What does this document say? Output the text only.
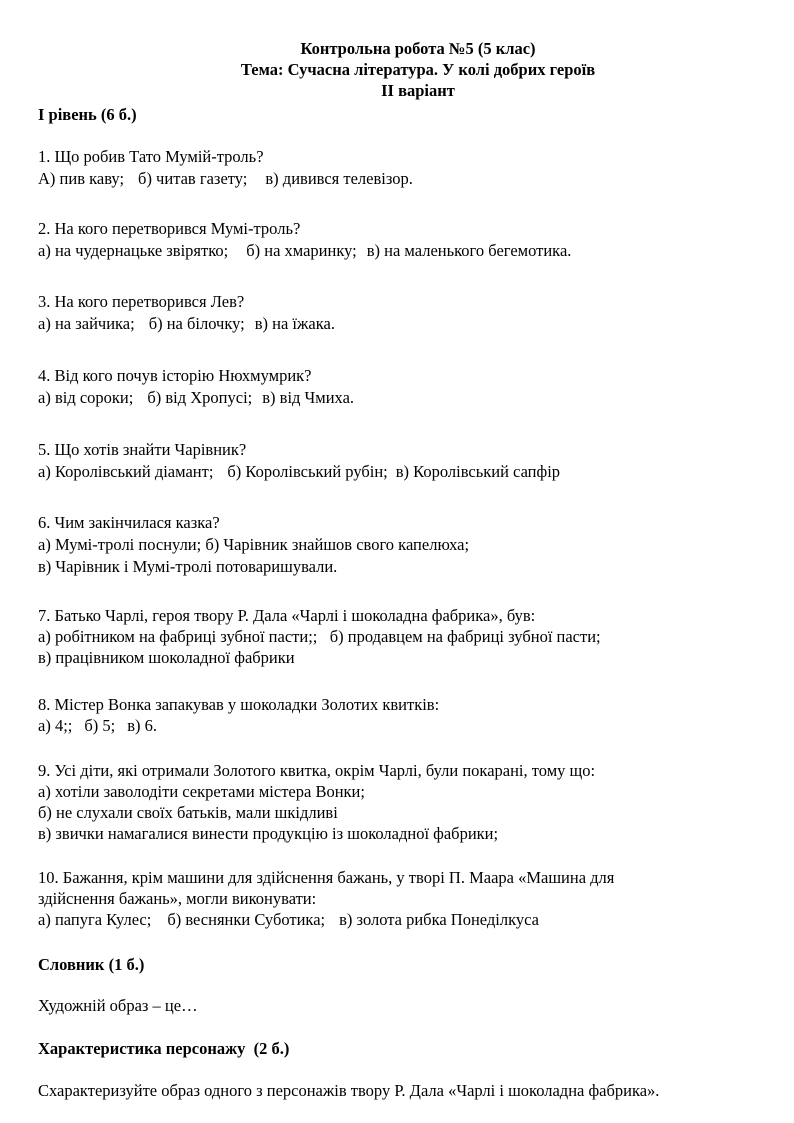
Контрольна робота №5 (5 клас)
Тема: Сучасна література. У колі добрих героїв
ІІ варіант
І рівень (6 б.)
1. Що робив Тато Мумій-троль?
А) пив каву; б) читав газету; в) дивився телевізор.
2. На кого перетворився Мумі-троль?
а) на чудернацьке звірятко; б) на хмаринку; в) на маленького бегемотика.
3. На кого перетворився Лев?
а) на зайчика; б) на білочку; в) на їжака.
4. Від кого почув історію Нюхмумрик?
а) від сороки; б) від Хропусі; в) від Чмиха.
5. Що хотів знайти Чарівник?
а) Королівський діамант; б) Королівський рубін; в) Королівський сапфір
6. Чим закінчилася казка?
а) Мумі-тролі поснули; б) Чарівник знайшов свого капелюха;
в) Чарівник і Мумі-тролі потоваришували.
7. Батько Чарлі, героя твору Р. Дала «Чарлі і шоколадна фабрика», був:
а) робітником на фабриці зубної пасти;;   б) продавцем на фабриці зубної пасти;
в) працівником шоколадної фабрики
8. Містер Вонка запакував у шоколадки Золотих квитків:
а) 4;; б) 5; в) 6.
9. Усі діти, які отримали Золотого квитка, окрім Чарлі, були покарані, тому що:
а) хотіли заволодіти секретами містера Вонки;
б) не слухали своїх батьків, мали шкідливі
в) звички намагалися винести продукцію із шоколадної фабрики;
10. Бажання, крім машини для здійснення бажань, у творі П. Маара «Машина для
здійснення бажань», могли виконувати:
а) папуга Кулес; б) веснянки Суботика; в) золота рибка Понеділкуса
Словник (1 б.)
Художній образ – це…
Характеристика персонажу  (2 б.)
Схарактеризуйте образ одного з персонажів твору Р. Дала «Чарлі і шоколадна фабрика».
